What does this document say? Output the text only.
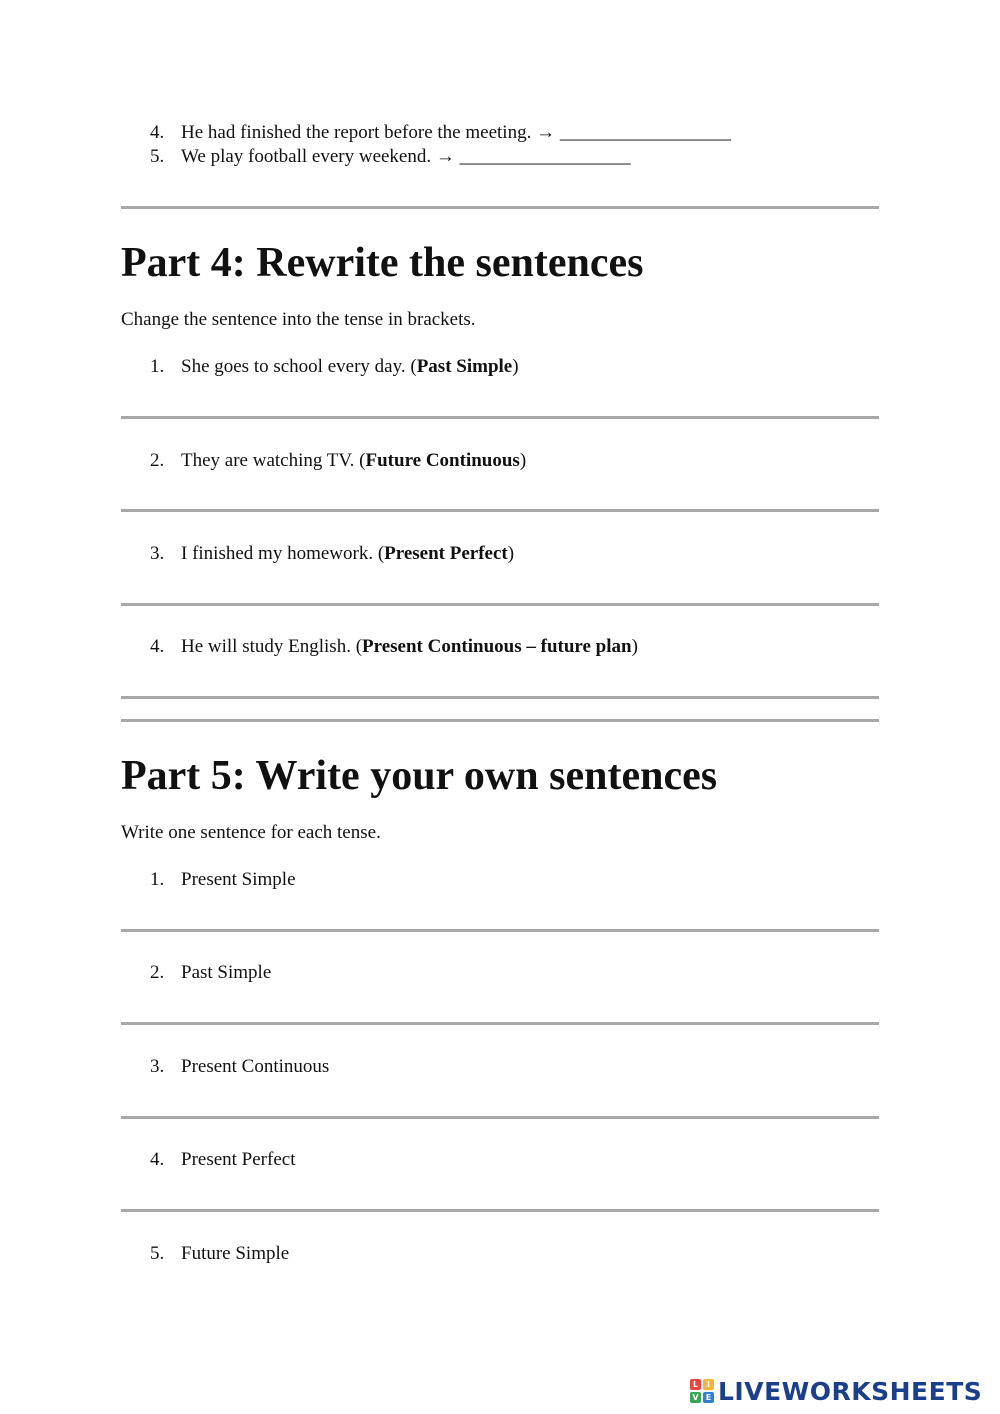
4. He had finished the report before the meeting. → __________________
5. We play football every weekend. → __________________
Part 4: Rewrite the sentences
Change the sentence into the tense in brackets.
1. She goes to school every day. (Past Simple)
2. They are watching TV. (Future Continuous)
3. I finished my homework. (Present Perfect)
4. He will study English. (Present Continuous – future plan)
Part 5: Write your own sentences
Write one sentence for each tense.
1. Present Simple
2. Past Simple
3. Present Continuous
4. Present Perfect
5. Future Simple
L	I
V E LIVEWORKSHEETS
